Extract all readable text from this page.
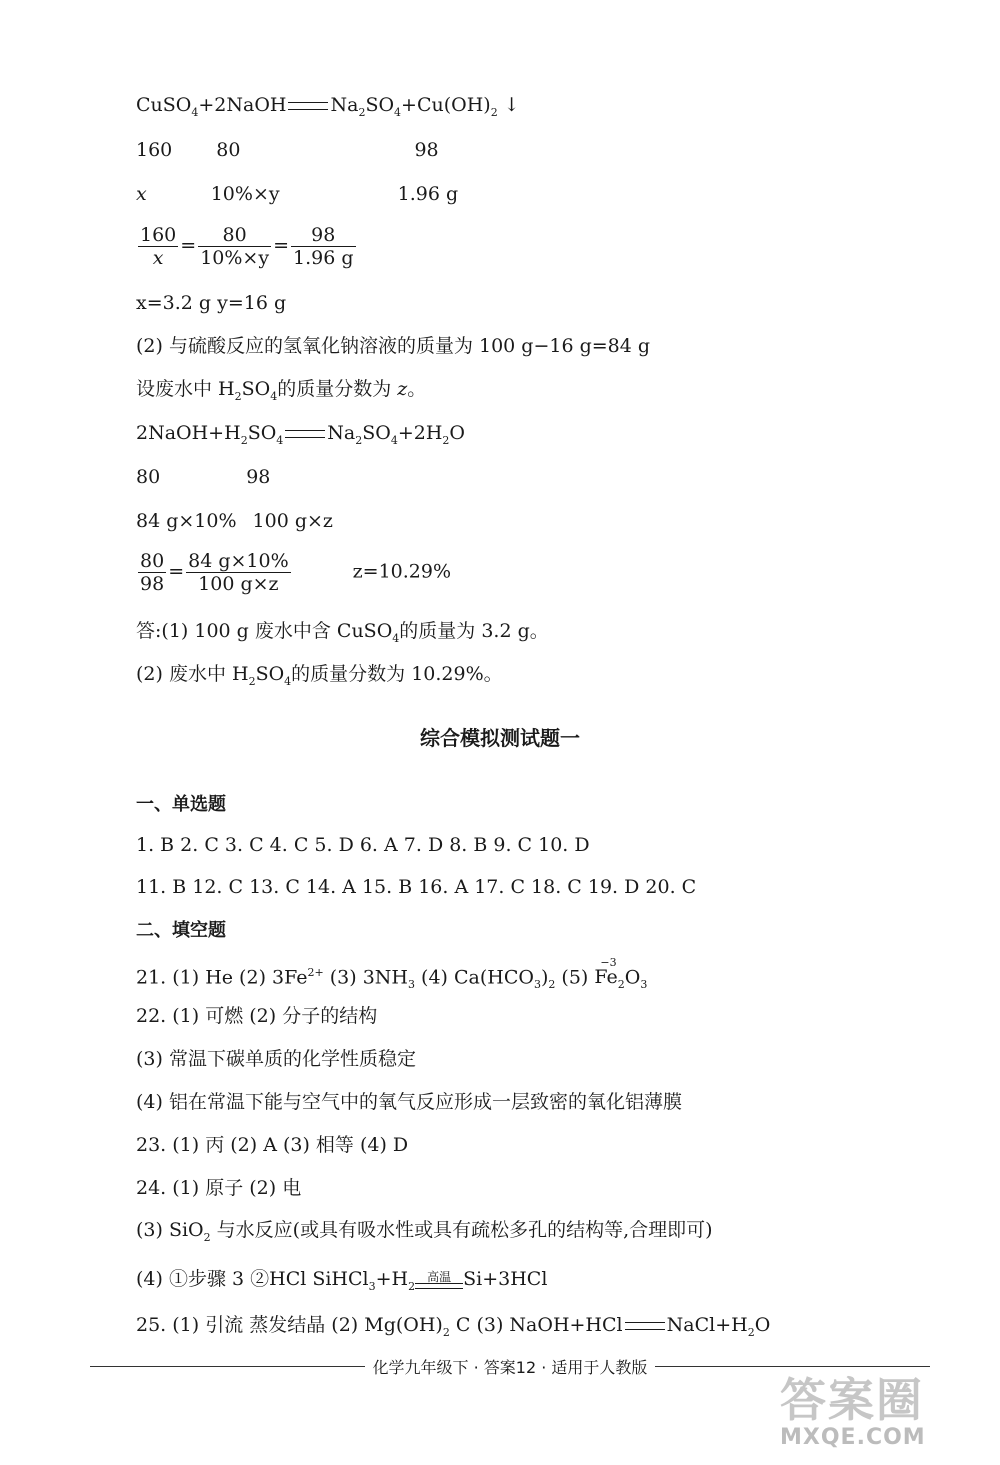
CuSO$_4$+2NaOH $Na_2SO_4+Cu(OH)_2$ ↓
160 80	98
x	10%×y	1.96 g
$\frac{160}{x} = \frac{80}{10\%\times y} = \frac{98}{1.96 g}$
x=3.2 g y=16 g
(2) 与硫酸反应的氢氧化钠溶液的质量为 100 g−16 g=84 g
设废水中 $H_2SO_4$的质量分数为 z。
$2NaOH+H_2SO_4$ $Na_2SO_4+2H_2O$
80	98
84 g×10% 100 g×z
$\frac{80}{98} = \frac{84 g\times 10\%}{100 g\times z}$	z=10.29%
答:(1) 100 g 废水中含 CuSO$_4$的质量为 3.2 g。
(2) 废水中 $H_2SO_4$的质量分数为 10.29%。
综合模拟测试题一
一、单选题
1. B 2. C 3. C 4. C 5. D 6. A 7. D 8. B 9. C 10. D
11. B 12. C 13. C 14. A 15. B 16. A 17. C 18. C 19. D 20. C
二、填空题
21. (1) He (2) $3Fe^{2+}$ (3) $3NH_3$ (4) $Ca(HCO_3)_2$ (5)
−3
$Fe_2O_3$
22. (1) 可燃 (2) 分子的结构
(3) 常温下碳单质的化学性质稳定
(4) 铝在常温下能与空气中的氧气反应形成一层致密的氧化铝薄膜
23. (1) 丙 (2) A (3) 相等 (4) D
24. (1) 原子 (2) 电
(3) SiO$_2$ 与水反应(或具有吸水性或具有疏松多孔的结构等,合理即可)
(4) ①步骤 3 ②HCl $SiHCl_3+H_2$
高温 Si+3HCl
25. (1) 引流 蒸发结晶 (2) $Mg(OH)_2$ C (3) NaOH+HCl $NaCl+H_2O$
化学九年级下 · 答案12 · 适用于人教版
答案圈
MXQE.COM
